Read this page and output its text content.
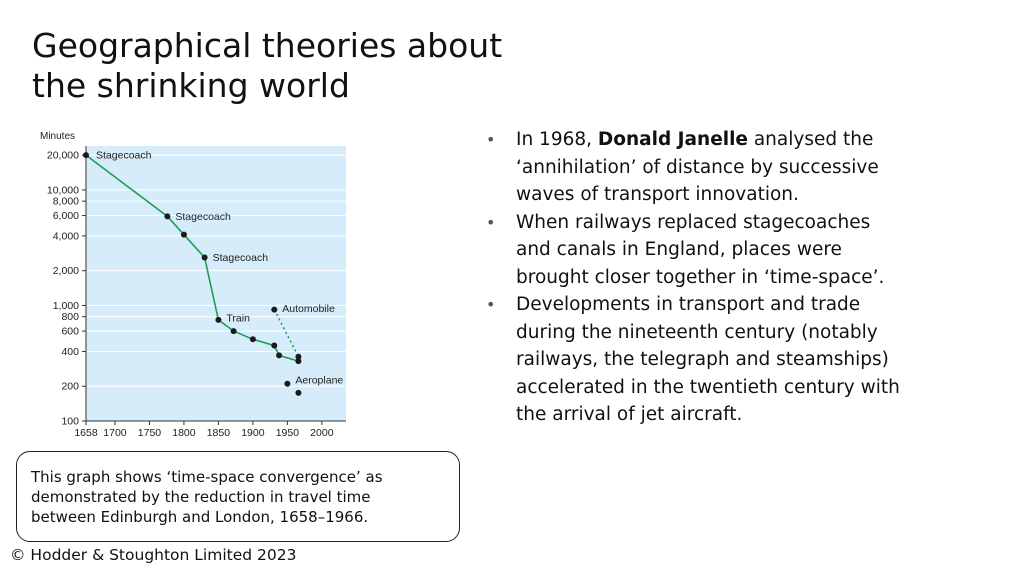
Geographical theories about the shrinking world
100
200
400
600
800
1,000
2,000
4,000
6,000
8,000
10,000
20,000
1658 1700 1750 1800 1850 1900 1950 2000
Stagecoach
Stagecoach
Stagecoach
Train
Automobile
Aeroplane
Minutes	• In 1968, Donald Janelle analysed the ‘annihilation’ of distance by successive waves of transport innovation.
• When railways replaced stagecoaches and canals in England, places were brought closer together in ‘time-space’.
• Developments in transport and trade during the nineteenth century (notably railways, the telegraph and steamships) accelerated in the twentieth century with the arrival of jet aircraft.
This graph shows ‘time-space convergence’ as demonstrated by the reduction in travel time between Edinburgh and London, 1658–1966.
© Hodder & Stoughton Limited 2023
